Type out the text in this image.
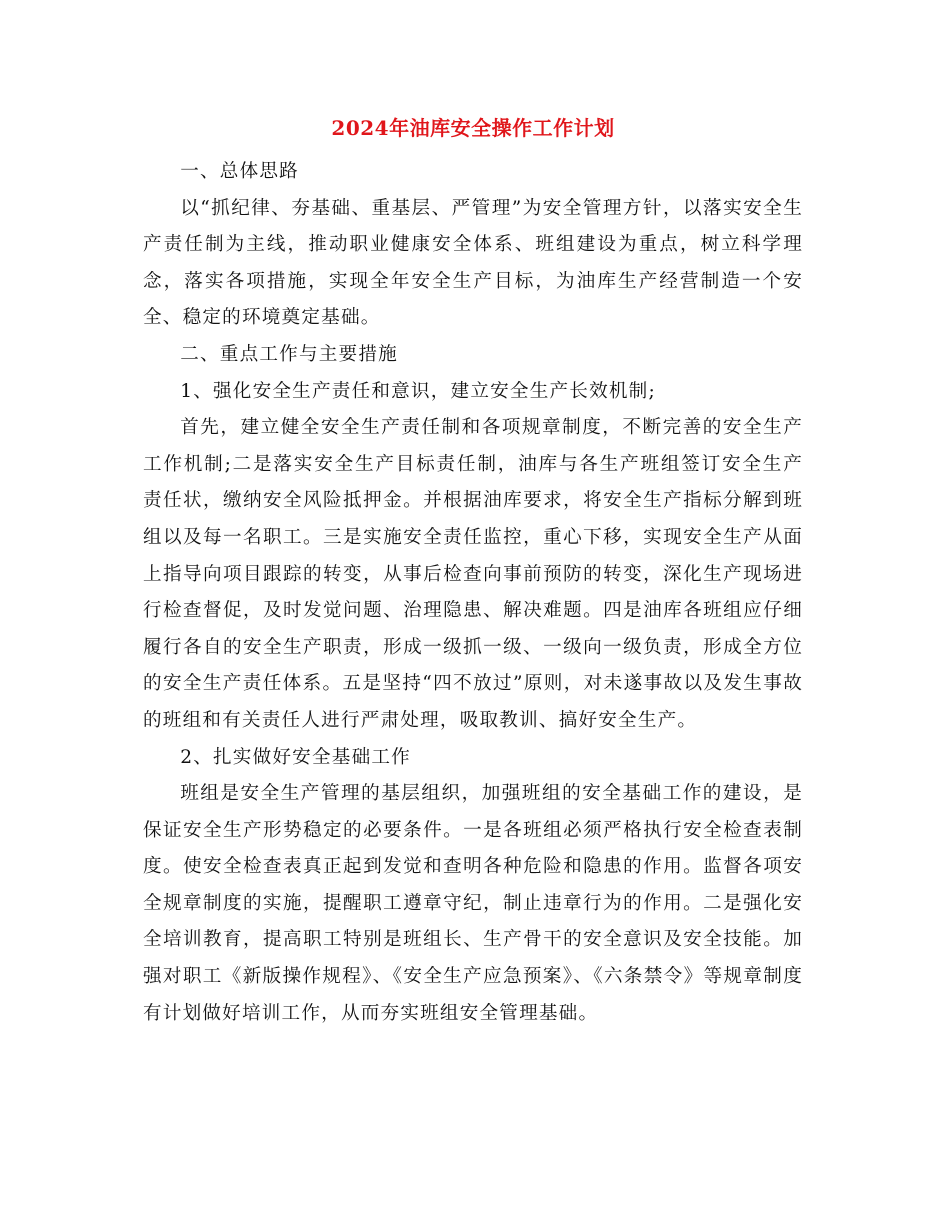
2024年油库安全操作工作计划

一、总体思路

以“抓纪律、夯基础、重基层、严管理”为安全管理方针，以落实安全生产责任制为主线，推动职业健康安全体系、班组建设为重点，树立科学理念，落实各项措施，实现全年安全生产目标，为油库生产经营制造一个安全、稳定的环境奠定基础。

二、重点工作与主要措施

1、强化安全生产责任和意识，建立安全生产长效机制;

首先，建立健全安全生产责任制和各项规章制度，不断完善的安全生产工作机制;二是落实安全生产目标责任制，油库与各生产班组签订安全生产责任状，缴纳安全风险抵押金。并根据油库要求，将安全生产指标分解到班组以及每一名职工。三是实施安全责任监控，重心下移，实现安全生产从面上指导向项目跟踪的转变，从事后检查向事前预防的转变，深化生产现场进行检查督促，及时发觉问题、治理隐患、解决难题。四是油库各班组应仔细履行各自的安全生产职责，形成一级抓一级、一级向一级负责，形成全方位的安全生产责任体系。五是坚持“四不放过”原则，对未遂事故以及发生事故的班组和有关责任人进行严肃处理，吸取教训、搞好安全生产。

2、扎实做好安全基础工作

班组是安全生产管理的基层组织，加强班组的安全基础工作的建设，是保证安全生产形势稳定的必要条件。一是各班组必须严格执行安全检查表制度。使安全检查表真正起到发觉和查明各种危险和隐患的作用。监督各项安全规章制度的实施，提醒职工遵章守纪，制止违章行为的作用。二是强化安全培训教育，提高职工特别是班组长、生产骨干的安全意识及安全技能。加强对职工《新版操作规程》、《安全生产应急预案》、《六条禁令》等规章制度有计划做好培训工作，从而夯实班组安全管理基础。
